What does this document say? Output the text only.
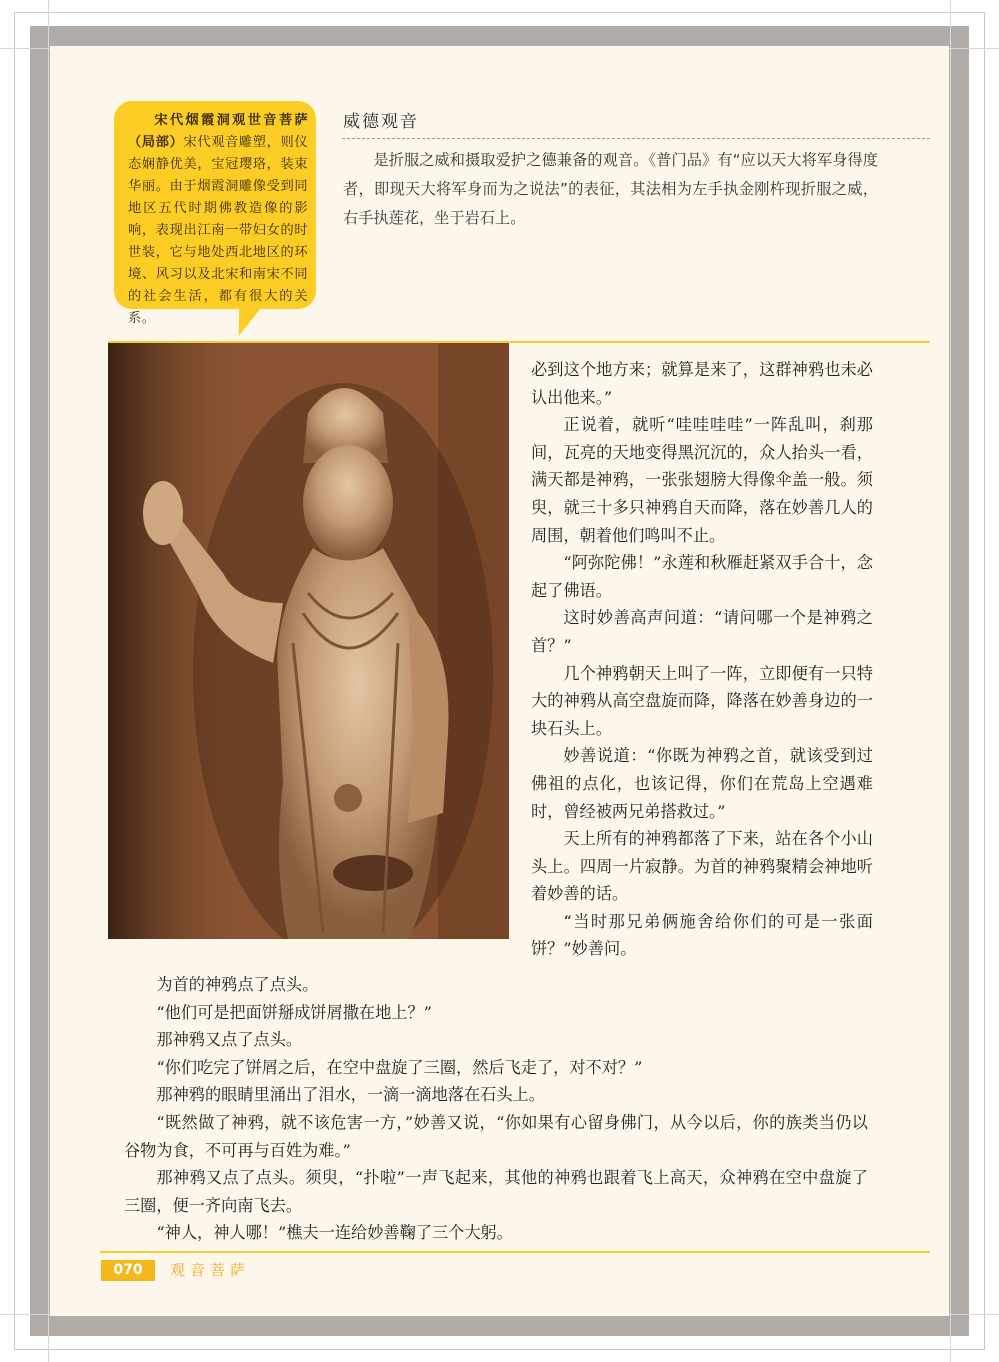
宋代烟霞洞观世音菩萨（局部）宋代观音雕塑，则仪态娴静优美，宝冠璎珞，装束华丽。由于烟霞洞雕像受到同地区五代时期佛教造像的影响，表现出江南一带妇女的时世装，它与地处西北地区的环境、风习以及北宋和南宋不同的社会生活，都有很大的关系。
威德观音
是折服之威和摄取爱护之德兼备的观音。《普门品》有“应以天大将军身得度者，即现天大将军身而为之说法”的表征，其法相为左手执金刚杵现折服之威，右手执莲花，坐于岩石上。

必到这个地方来；就算是来了，这群神鸦也未必认出他来。”

正说着，就听“哇哇哇哇”一阵乱叫，刹那间，瓦亮的天地变得黑沉沉的，众人抬头一看，满天都是神鸦，一张张翅膀大得像伞盖一般。须臾，就三十多只神鸦自天而降，落在妙善几人的周围，朝着他们鸣叫不止。

“阿弥陀佛！”永莲和秋雁赶紧双手合十，念起了佛语。

这时妙善高声问道：“请问哪一个是神鸦之首？”

几个神鸦朝天上叫了一阵，立即便有一只特大的神鸦从高空盘旋而降，降落在妙善身边的一块石头上。

妙善说道：“你既为神鸦之首，就该受到过佛祖的点化，也该记得，你们在荒岛上空遇难时，曾经被两兄弟搭救过。”

天上所有的神鸦都落了下来，站在各个小山头上。四周一片寂静。为首的神鸦聚精会神地听着妙善的话。

“当时那兄弟俩施舍给你们的可是一张面饼？”妙善问。

为首的神鸦点了点头。

“他们可是把面饼掰成饼屑撒在地上？”

那神鸦又点了点头。

“你们吃完了饼屑之后，在空中盘旋了三圈，然后飞走了，对不对？”

那神鸦的眼睛里涌出了泪水，一滴一滴地落在石头上。

“既然做了神鸦，就不该危害一方，”妙善又说，“你如果有心留身佛门，从今以后，你的族类当仍以谷物为食，不可再与百姓为难。”

那神鸦又点了点头。须臾，“扑啦”一声飞起来，其他的神鸦也跟着飞上高天，众神鸦在空中盘旋了三圈，便一齐向南飞去。

“神人，神人哪！”樵夫一连给妙善鞠了三个大躬。

070	观音菩萨
